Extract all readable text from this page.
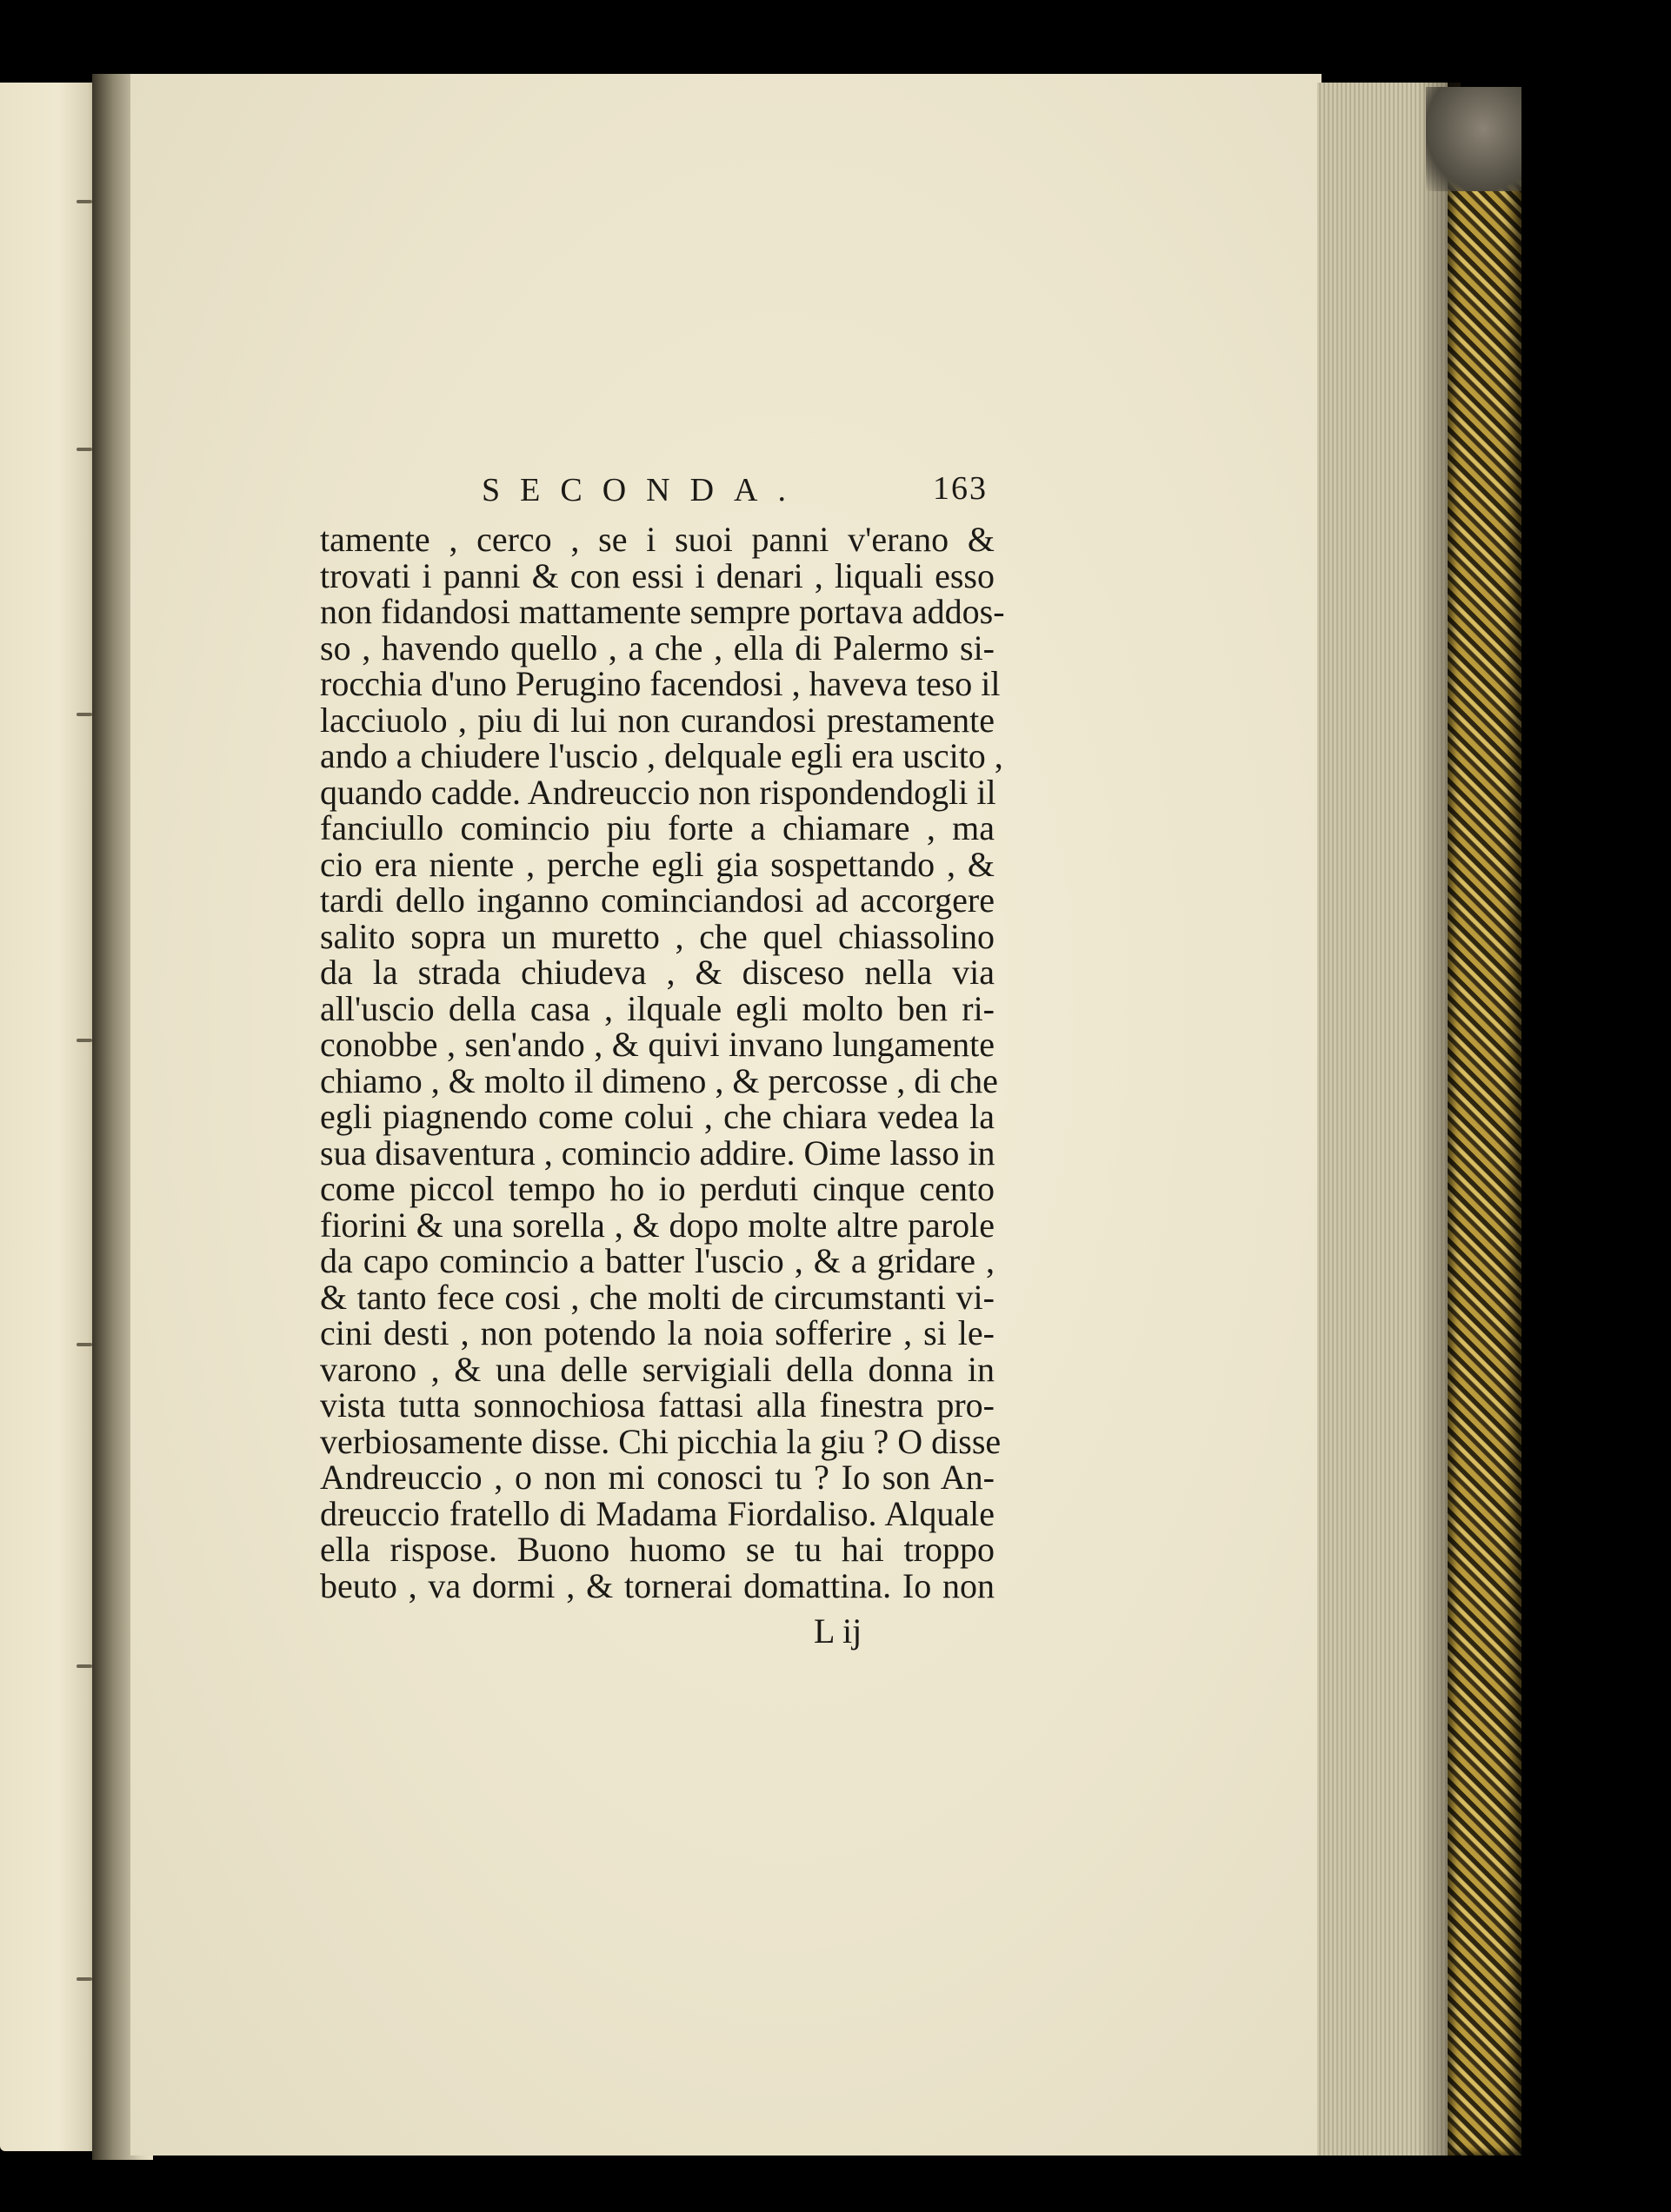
SECONDA.	163
tamente , cerco , se i suoi panni v'erano &
trovati i panni & con essi i denari , liquali esso
non fidandosi mattamente sempre portava addos-
so , havendo quello , a che , ella di Palermo si-
rocchia d'uno Perugino facendosi , haveva teso il
lacciuolo , piu di lui non curandosi prestamente
ando a chiudere l'uscio , delquale egli era uscito ,
quando cadde. Andreuccio non rispondendogli il
fanciullo comincio piu forte a chiamare , ma
cio era niente , perche egli gia sospettando , &
tardi dello inganno cominciandosi ad accorgere
salito sopra un muretto , che quel chiassolino
da la strada chiudeva , & disceso nella via
all'uscio della casa , ilquale egli molto ben ri-
conobbe , sen'ando , & quivi invano lungamente
chiamo , & molto il dimeno , & percosse , di che
egli piagnendo come colui , che chiara vedea la
sua disaventura , comincio addire. Oime lasso in
come piccol tempo ho io perduti cinque cento
fiorini & una sorella , & dopo molte altre parole
da capo comincio a batter l'uscio , & a gridare ,
& tanto fece cosi , che molti de circumstanti vi-
cini desti , non potendo la noia sofferire , si le-
varono , & una delle servigiali della donna in
vista tutta sonnochiosa fattasi alla finestra pro-
verbiosamente disse. Chi picchia la giu ? O disse
Andreuccio , o non mi conosci tu ? Io son An-
dreuccio fratello di Madama Fiordaliso. Alquale
ella rispose. Buono huomo se tu hai troppo
beuto , va dormi , & tornerai domattina. Io non
L ij
